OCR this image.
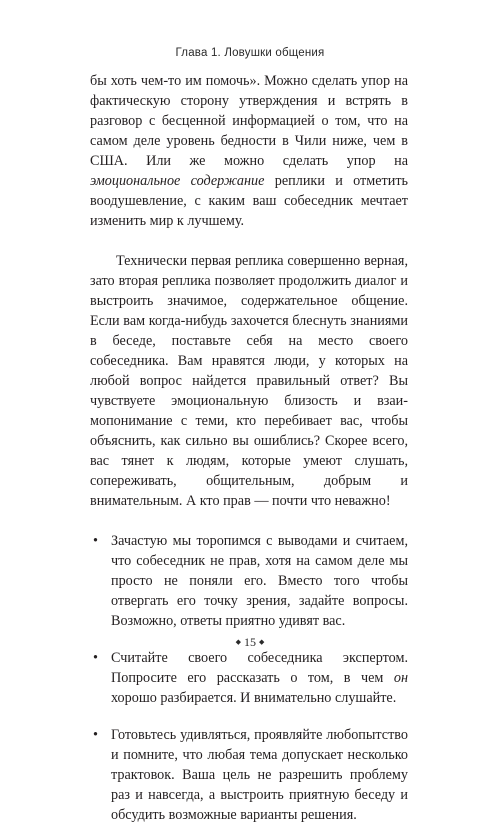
Глава 1. Ловушки общения

бы хоть чем-то им помочь». Можно сделать упор на фактическую сторону утверждения и встрять в разговор с бесценной информацией о том, что на самом деле уровень бедности в Чили ниже, чем в США. Или же можно сделать упор на эмоциональное содержание реплики и отметить воодушевление, с каким ваш собеседник мечтает изменить мир к лучшему.

Технически первая реплика совершенно верная, зато вторая реплика позволяет продолжить диалог и выстроить значимое, содержательное общение. Если вам когда-нибудь захочется блеснуть знаниями в беседе, поставьте себя на место своего собеседника. Вам нравятся люди, у которых на любой вопрос найдется правильный ответ? Вы чувствуете эмоциональную близость и взаимопонимание с теми, кто перебивает вас, чтобы объяснить, как сильно вы ошиблись? Скорее всего, вас тянет к людям, которые умеют слушать, сопереживать, общительным, добрым и внимательным. А кто прав — почти что неважно!

• Зачастую мы торопимся с выводами и считаем, что собеседник не прав, хотя на самом деле мы просто не поняли его. Вместо того чтобы отвергать его точку зрения, задайте вопросы. Возможно, ответы приятно удивят вас.
• Считайте своего собеседника экспертом. Попросите его рассказать о том, в чем он хорошо разбирается. И внимательно слушайте.
• Готовьтесь удивляться, проявляйте любопытство и помните, что любая тема допускает несколько трактовок. Ваша цель не разрешить проблему раз и навсегда, а выстроить приятную беседу и обсудить возможные варианты решения.
◆ 15 ◆
